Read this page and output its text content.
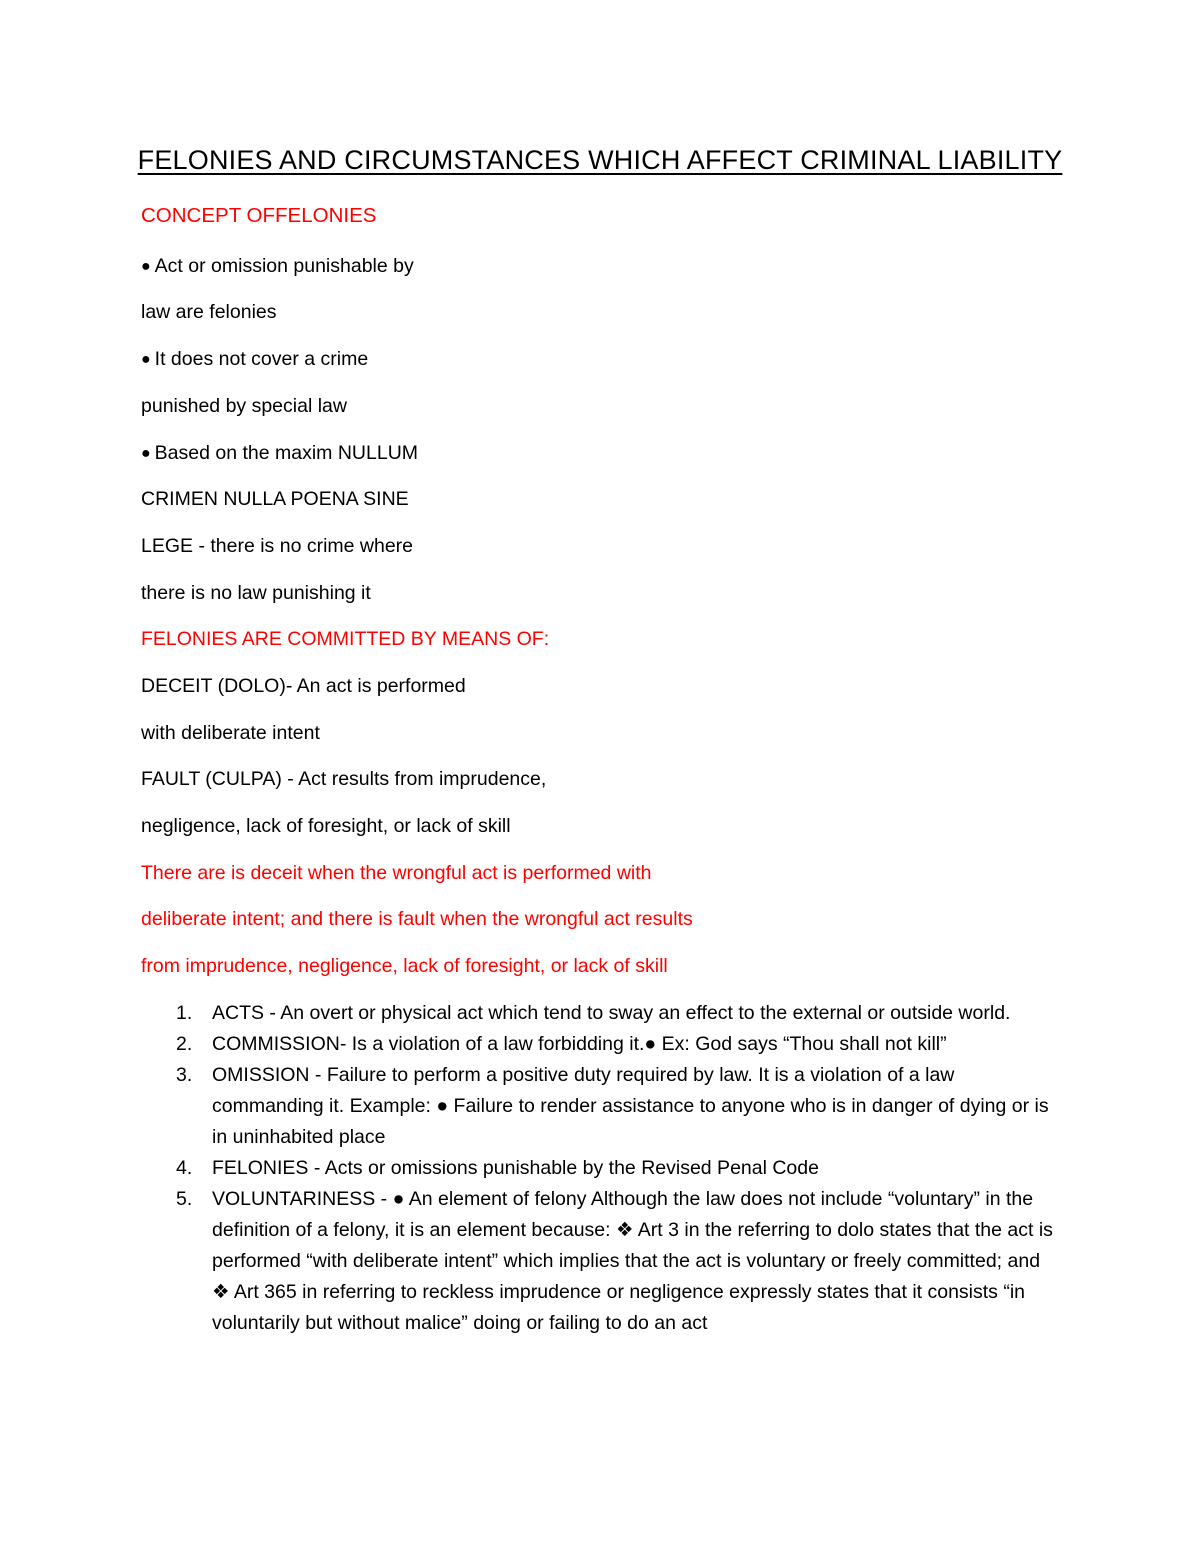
FELONIES AND CIRCUMSTANCES WHICH AFFECT CRIMINAL LIABILITY
CONCEPT OFFELONIES
● Act or omission punishable by
law are felonies
● It does not cover a crime
punished by special law
● Based on the maxim NULLUM
CRIMEN NULLA POENA SINE
LEGE - there is no crime where
there is no law punishing it
FELONIES ARE COMMITTED BY MEANS OF:
DECEIT (DOLO)- An act is performed
with deliberate intent
FAULT (CULPA) - Act results from imprudence,
negligence, lack of foresight, or lack of skill
There are is deceit when the wrongful act is performed with
deliberate intent; and there is fault when the wrongful act results
from imprudence, negligence, lack of foresight, or lack of skill
1. ACTS - An overt or physical act which tend to sway an effect to the external or outside world.
2. COMMISSION- Is a violation of a law forbidding it.● Ex: God says “Thou shall not kill”
3. OMISSION - Failure to perform a positive duty required by law. It is a violation of a law commanding it. Example: ● Failure to render assistance to anyone who is in danger of dying or is in uninhabited place
4. FELONIES - Acts or omissions punishable by the Revised Penal Code
5. VOLUNTARINESS - ● An element of felony Although the law does not include “voluntary” in the definition of a felony, it is an element because: ❖ Art 3 in the referring to dolo states that the act is performed “with deliberate intent” which implies that the act is voluntary or freely committed; and ❖ Art 365 in referring to reckless imprudence or negligence expressly states that it consists “in voluntarily but without malice” doing or failing to do an act
